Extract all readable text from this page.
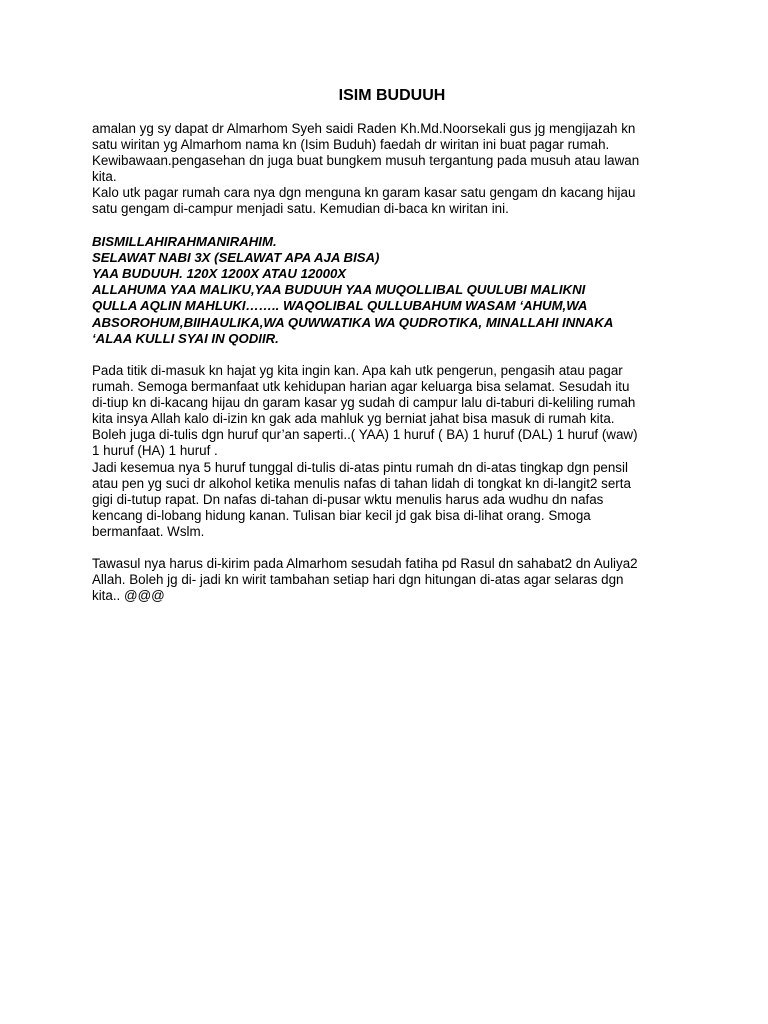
ISIM BUDUUH

amalan yg sy dapat dr Almarhom Syeh saidi Raden Kh.Md.Noorsekali gus jg mengijazah kn
satu wiritan yg Almarhom nama kn (Isim Buduh) faedah dr wiritan ini buat pagar rumah.
Kewibawaan.pengasehan dn juga buat bungkem musuh tergantung pada musuh atau lawan
kita.
Kalo utk pagar rumah cara nya dgn menguna kn garam kasar satu gengam dn kacang hijau
satu gengam di-campur menjadi satu. Kemudian di-baca kn wiritan ini.

BISMILLAHIRAHMANIRAHIM.
SELAWAT NABI 3X (SELAWAT APA AJA BISA)
YAA BUDUUH. 120X 1200X ATAU 12000X
ALLAHUMA YAA MALIKU,YAA BUDUUH YAA MUQOLLIBAL QUULUBI MALIKNI
QULLA AQLIN MAHLUKI…….. WAQOLIBAL QULLUBAHUM WASAM ‘AHUM,WA
ABSOROHUM,BIIHAULIKA,WA QUWWATIKA WA QUDROTIKA, MINALLAHI INNAKA
‘ALAA KULLI SYAI IN QODIIR.

Pada titik di-masuk kn hajat yg kita ingin kan. Apa kah utk pengerun, pengasih atau pagar
rumah. Semoga bermanfaat utk kehidupan harian agar keluarga bisa selamat. Sesudah itu
di-tiup kn di-kacang hijau dn garam kasar yg sudah di campur lalu di-taburi di-keliling rumah
kita insya Allah kalo di-izin kn gak ada mahluk yg berniat jahat bisa masuk di rumah kita.
Boleh juga di-tulis dgn huruf qur’an saperti..( YAA) 1 huruf ( BA) 1 huruf (DAL) 1 huruf (waw)
1 huruf (HA) 1 huruf .
Jadi kesemua nya 5 huruf tunggal di-tulis di-atas pintu rumah dn di-atas tingkap dgn pensil
atau pen yg suci dr alkohol ketika menulis nafas di tahan lidah di tongkat kn di-langit2 serta
gigi di-tutup rapat. Dn nafas di-tahan di-pusar wktu menulis harus ada wudhu dn nafas
kencang di-lobang hidung kanan. Tulisan biar kecil jd gak bisa di-lihat orang. Smoga
bermanfaat. Wslm.

Tawasul nya harus di-kirim pada Almarhom sesudah fatiha pd Rasul dn sahabat2 dn Auliya2
Allah. Boleh jg di- jadi kn wirit tambahan setiap hari dgn hitungan di-atas agar selaras dgn
kita.. @@@
